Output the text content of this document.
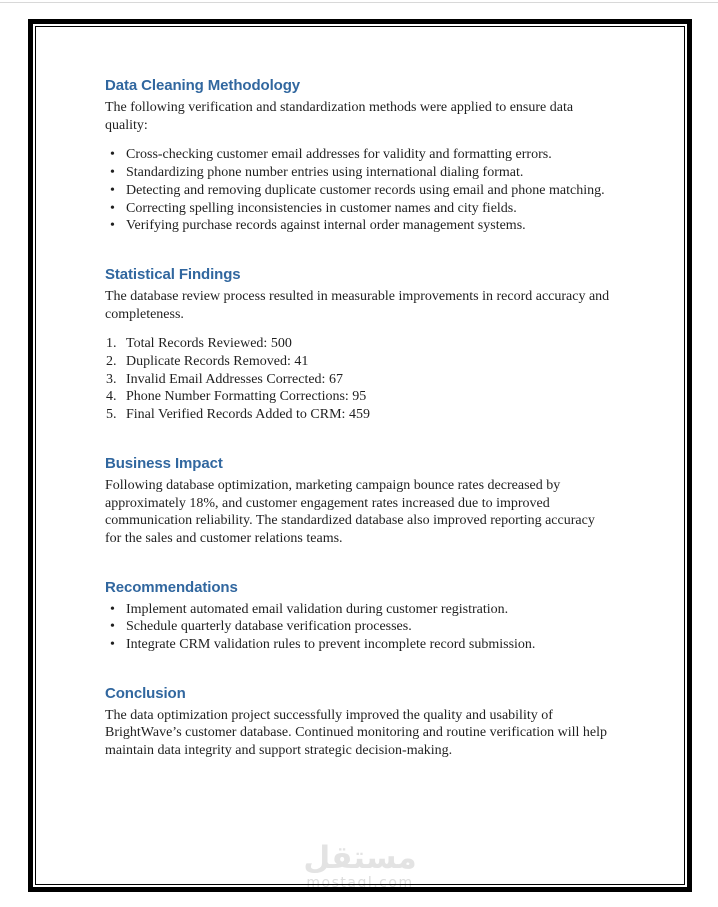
Data Cleaning Methodology

The following verification and standardization methods were applied to ensure data quality:

• Cross-checking customer email addresses for validity and formatting errors.
• Standardizing phone number entries using international dialing format.
• Detecting and removing duplicate customer records using email and phone matching.
• Correcting spelling inconsistencies in customer names and city fields.
• Verifying purchase records against internal order management systems.
Statistical Findings

The database review process resulted in measurable improvements in record accuracy and completeness.

Total Records Reviewed: 500
Duplicate Records Removed: 41
Invalid Email Addresses Corrected: 67
Phone Number Formatting Corrections: 95
Final Verified Records Added to CRM: 459
Business Impact

Following database optimization, marketing campaign bounce rates decreased by approximately 18%, and customer engagement rates increased due to improved communication reliability. The standardized database also improved reporting accuracy for the sales and customer relations teams.

Recommendations
• Implement automated email validation during customer registration.
• Schedule quarterly database verification processes.
• Integrate CRM validation rules to prevent incomplete record submission.
Conclusion

The data optimization project successfully improved the quality and usability of BrightWave’s customer database. Continued monitoring and routine verification will help maintain data integrity and support strategic decision-making.

مستقل
mostaql.com
